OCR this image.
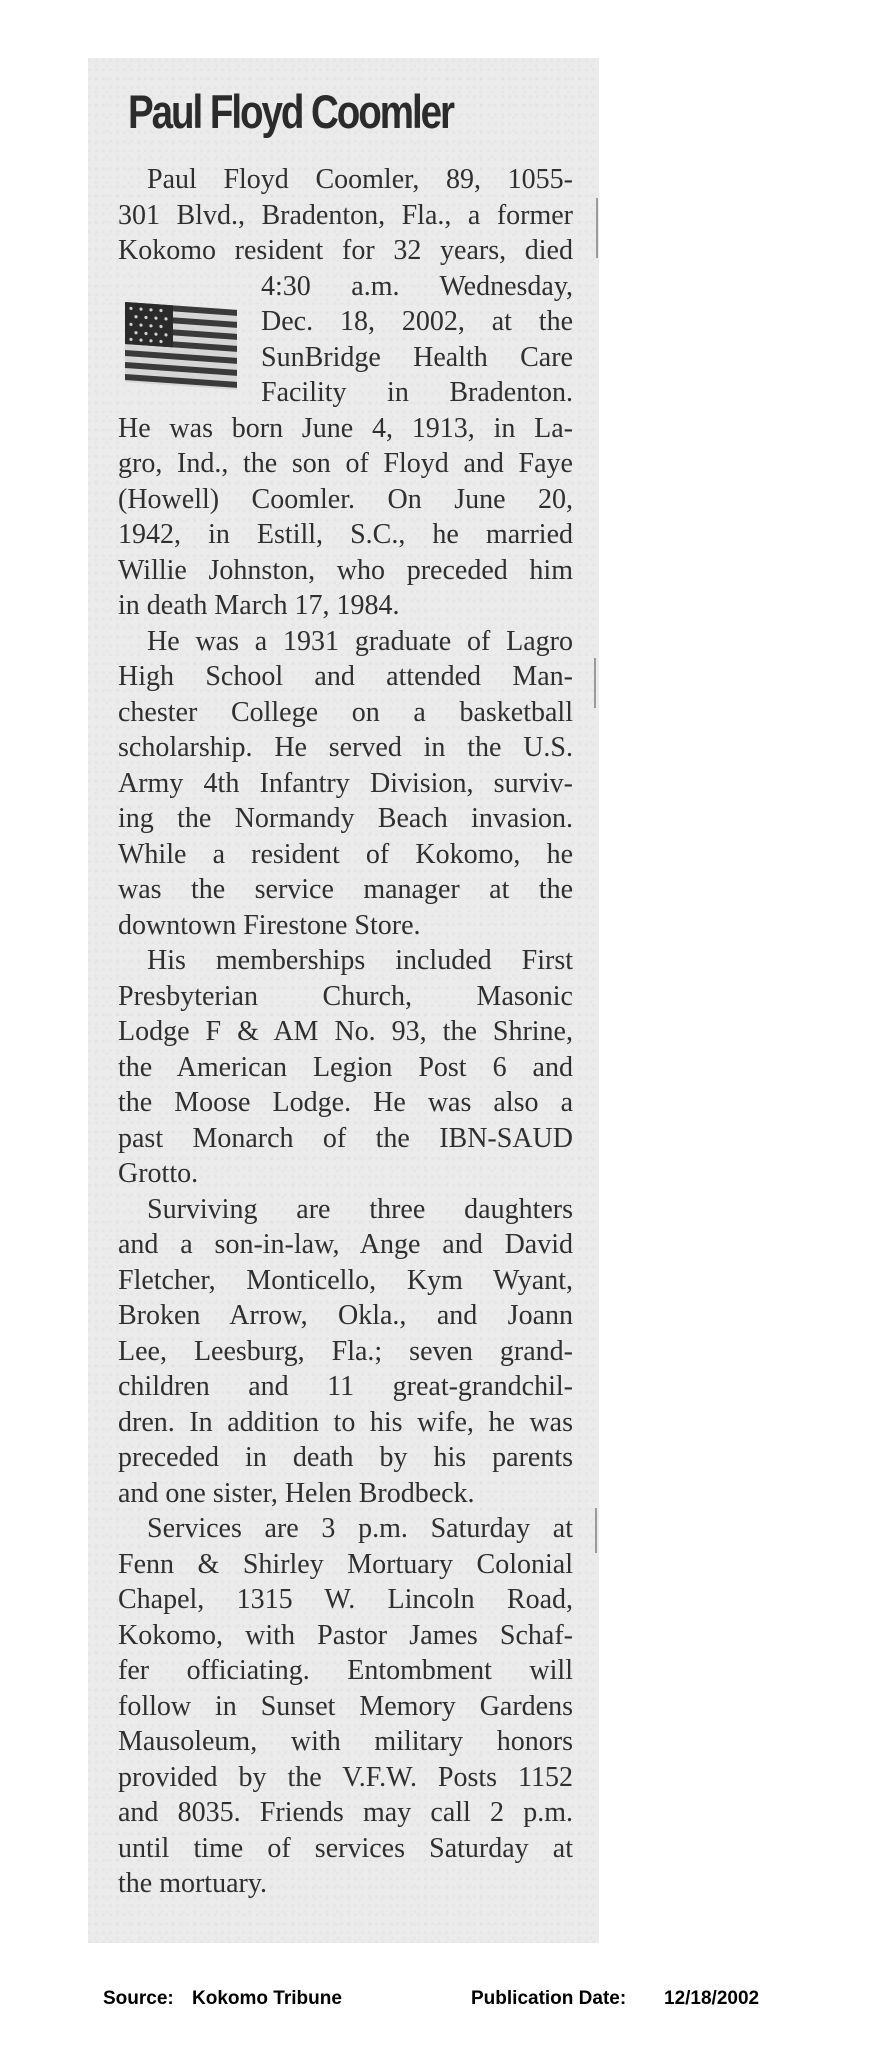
Paul Floyd Coomler
Paul Floyd Coomler, 89, 1055-
301 Blvd., Bradenton, Fla., a former
Kokomo resident for 32 years, died
4:30 a.m. Wednesday,
Dec. 18, 2002, at the
SunBridge Health Care
Facility in Bradenton.
He was born June 4, 1913, in La-
gro, Ind., the son of Floyd and Faye
(Howell) Coomler. On June 20,
1942, in Estill, S.C., he married
Willie Johnston, who preceded him
in death March 17, 1984.
He was a 1931 graduate of Lagro
High School and attended Man-
chester College on a basketball
scholarship. He served in the U.S.
Army 4th Infantry Division, surviv-
ing the Normandy Beach invasion.
While a resident of Kokomo, he
was the service manager at the
downtown Firestone Store.
His memberships included First
Presbyterian Church, Masonic
Lodge F & AM No. 93, the Shrine,
the American Legion Post 6 and
the Moose Lodge. He was also a
past Monarch of the IBN-SAUD
Grotto.
Surviving are three daughters
and a son-in-law, Ange and David
Fletcher, Monticello, Kym Wyant,
Broken Arrow, Okla., and Joann
Lee, Leesburg, Fla.; seven grand-
children and 11 great-grandchil-
dren. In addition to his wife, he was
preceded in death by his parents
and one sister, Helen Brodbeck.
Services are 3 p.m. Saturday at
Fenn & Shirley Mortuary Colonial
Chapel, 1315 W. Lincoln Road,
Kokomo, with Pastor James Schaf-
fer officiating. Entombment will
follow in Sunset Memory Gardens
Mausoleum, with military honors
provided by the V.F.W. Posts 1152
and 8035. Friends may call 2 p.m.
until time of services Saturday at
the mortuary.

Source: Kokomo Tribune	Publication Date: 12/18/2002
